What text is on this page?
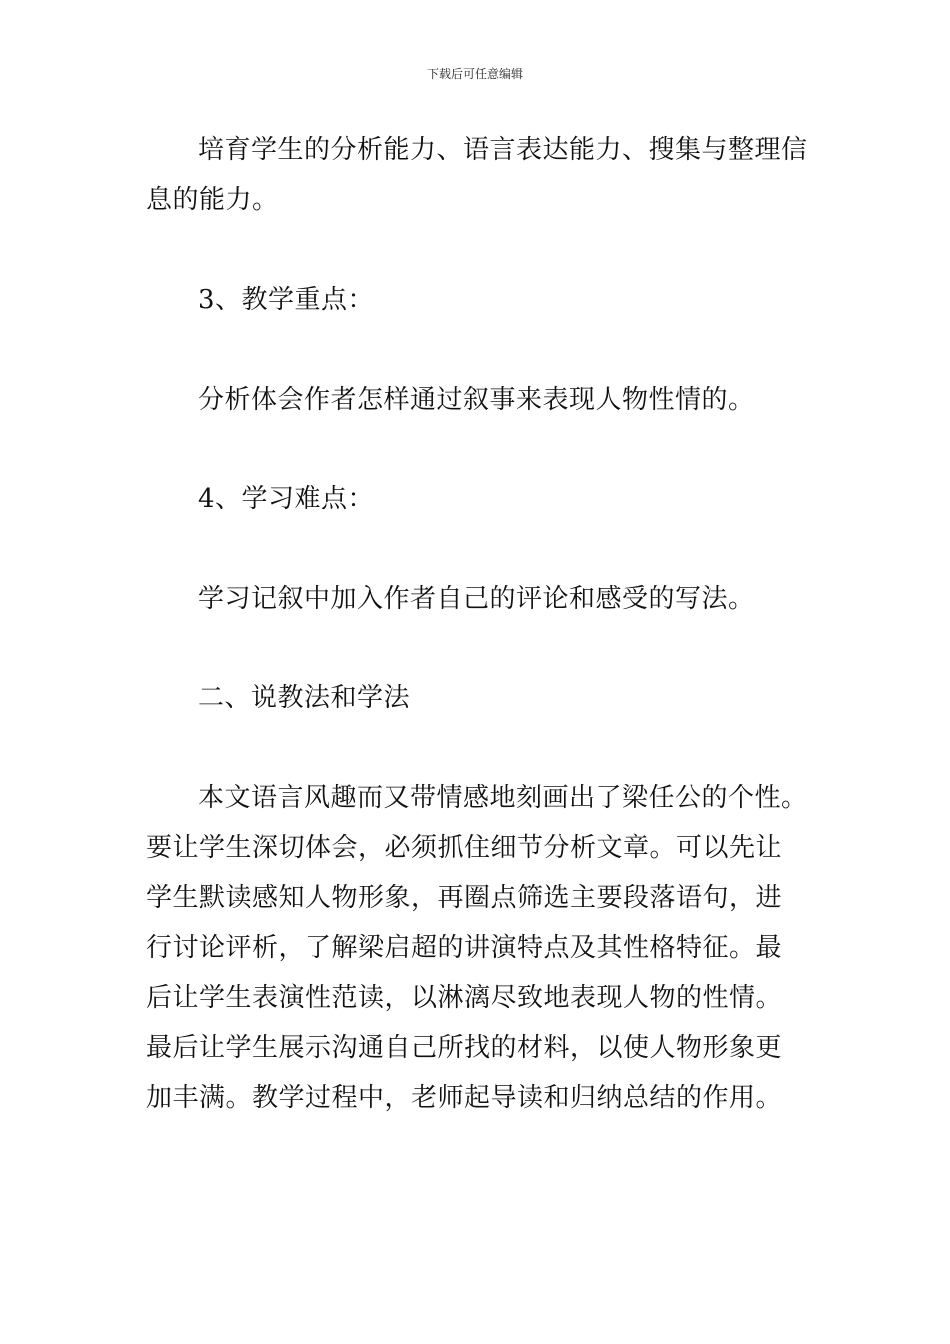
下载后可任意编辑

培育学生的分析能力、语言表达能力、搜集与整理信息的能力。

3、教学重点：

分析体会作者怎样通过叙事来表现人物性情的。

4、学习难点：

学习记叙中加入作者自己的评论和感受的写法。

二、说教法和学法

本文语言风趣而又带情感地刻画出了梁任公的个性。要让学生深切体会，必须抓住细节分析文章。可以先让学生默读感知人物形象，再圈点筛选主要段落语句，进行讨论评析，了解梁启超的讲演特点及其性格特征。最后让学生表演性范读，以淋漓尽致地表现人物的性情。最后让学生展示沟通自己所找的材料，以使人物形象更加丰满。教学过程中，老师起导读和归纳总结的作用。
